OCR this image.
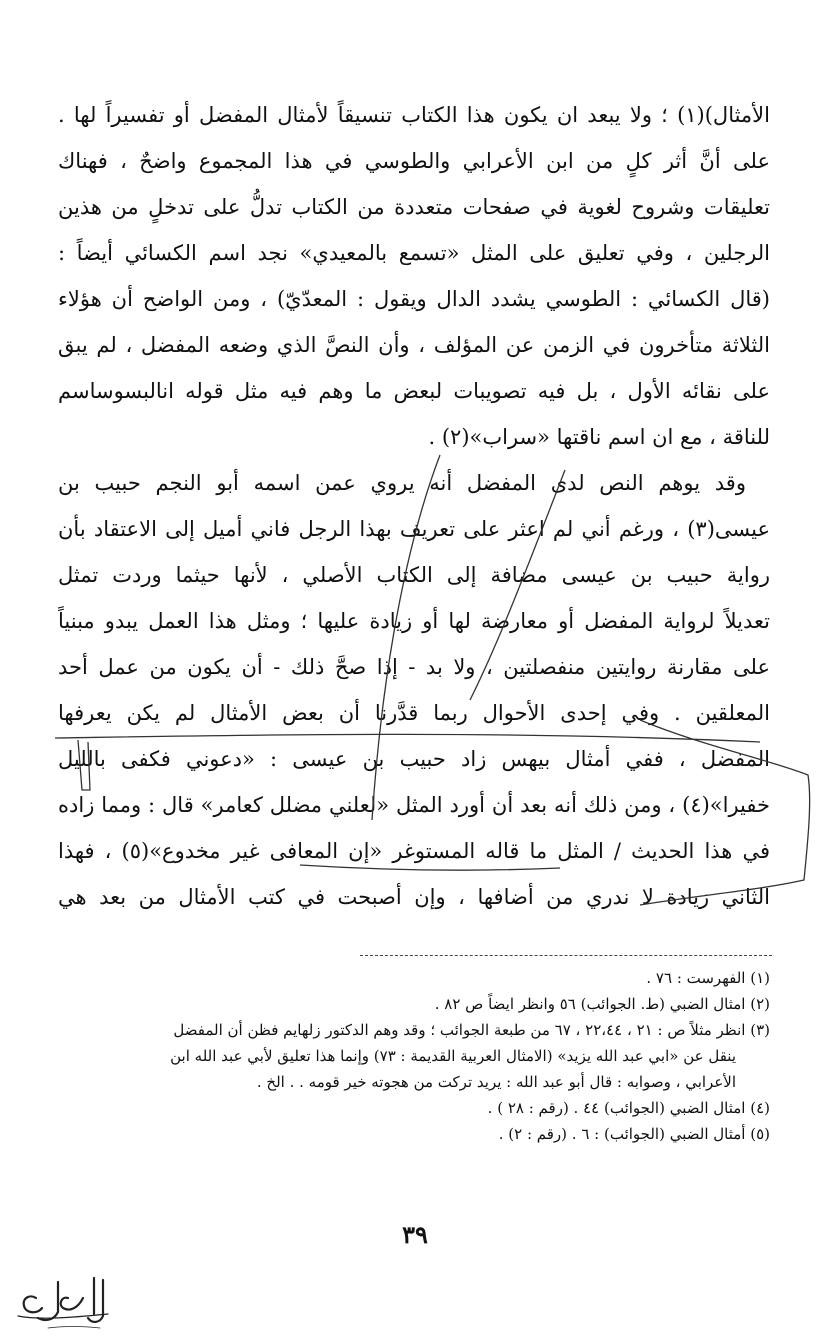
الأمثال)(١) ؛ ولا يبعد ان يكون هذا الكتاب تنسيقاً لأمثال المفضل أو تفسيراً لها .
على أنَّ أثر كلٍ من ابن الأعرابي والطوسي في هذا المجموع واضحٌ ، فهناك
تعليقات وشروح لغوية في صفحات متعددة من الكتاب تدلُّ على تدخلٍ من هذين
الرجلين ، وفي تعليق على المثل «تسمع بالمعيدي» نجد اسم الكسائي أيضاً :
(قال الكسائي : الطوسي يشدد الدال ويقول : المعدّيّ) ، ومن الواضح أن هؤلاء
الثلاثة متأخرون في الزمن عن المؤلف ، وأن النصَّ الذي وضعه المفضل ، لم يبق
على نقائه الأول ، بل فيه تصويبات لبعض ما وهم فيه مثل قوله انالبسوساسم
للناقة ، مع ان اسم ناقتها «سراب»(٢) .
وقد يوهم النص لدى المفضل أنه يروي عمن اسمه أبو النجم حبيب بن
عيسى(٣) ، ورغم أني لم اعثر على تعريف بهذا الرجل فاني أميل إلى الاعتقاد بأن
رواية حبيب بن عيسى مضافة إلى الكتاب الأصلي ، لأنها حيثما وردت تمثل
تعديلاً لرواية المفضل أو معارضة لها أو زيادة عليها ؛ ومثل هذا العمل يبدو مبنياً
على مقارنة روايتين منفصلتين ، ولا بد - إذا صحَّ ذلك - أن يكون من عمل أحد
المعلقين . وفي إحدى الأحوال ربما قدَّرنا أن بعض الأمثال لم يكن يعرفها
المفضل ، ففي أمثال بيهس زاد حبيب بن عيسى : «دعوني فكفى بالليل
خفيرا»(٤) ، ومن ذلك أنه بعد أن أورد المثل «لعلني مضلل كعامر» قال : ومما زاده
في هذا الحديث / المثل ما قاله المستوغر «إن المعافى غير مخدوع»(٥) ، فهذا
الثاني زيادة لا ندري من أضافها ، وإن أصبحت في كتب الأمثال من بعد هي
(١) الفهرست : ٧٦ .
(٢) امثال الضبي (ط. الجوائب) ٥٦ وانظر ايضاً ص ٨٢ .
(٣) انظر مثلاً ص : ٢١ ، ٢٢،٤٤ ، ٦٧ من طبعة الجوائب ؛ وقد وهم الدكتور زلهايم فظن أن المفضل
ينقل عن «ابي عبد الله يزيد» (الامثال العربية القديمة : ٧٣) وإنما هذا تعليق لأبي عبد الله ابن
الأعرابي ، وصوابه : قال أبو عبد الله : يريد تركت من هجوته خير قومه . . الخ .
(٤) امثال الضبي (الجوائب) ٤٤ . (رقم : ٢٨ ) .
(٥) أمثال الضبي (الجوائب) : ٦ . (رقم : ٢) .
٣٩
